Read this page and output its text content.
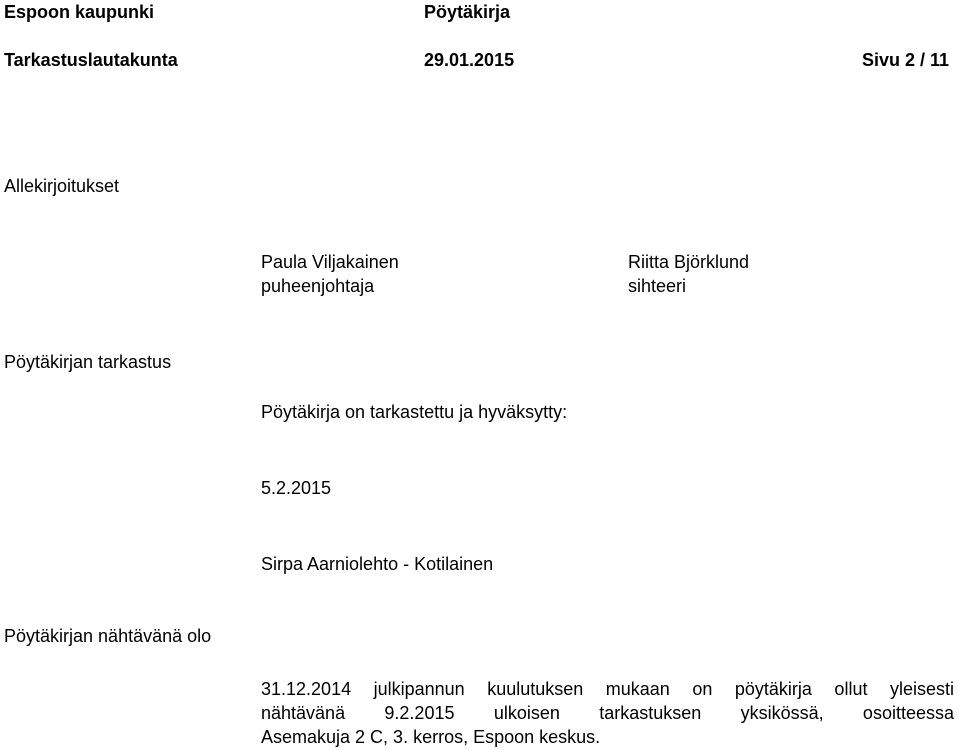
Espoon kaupunki	Pöytäkirja
Tarkastuslautakunta	29.01.2015	Sivu 2 / 11
Allekirjoitukset
Paula Viljakainen
puheenjohtaja
Riitta Björklund
sihteeri
Pöytäkirjan tarkastus
Pöytäkirja on tarkastettu ja hyväksytty:
5.2.2015
Sirpa Aarniolehto - Kotilainen
Pöytäkirjan nähtävänä olo
31.12.2014 julkipannun kuulutuksen mukaan on pöytäkirja ollut yleisesti
nähtävänä 9.2.2015 ulkoisen tarkastuksen yksikössä, osoitteessa
Asemakuja 2 C, 3. kerros, Espoon keskus.
